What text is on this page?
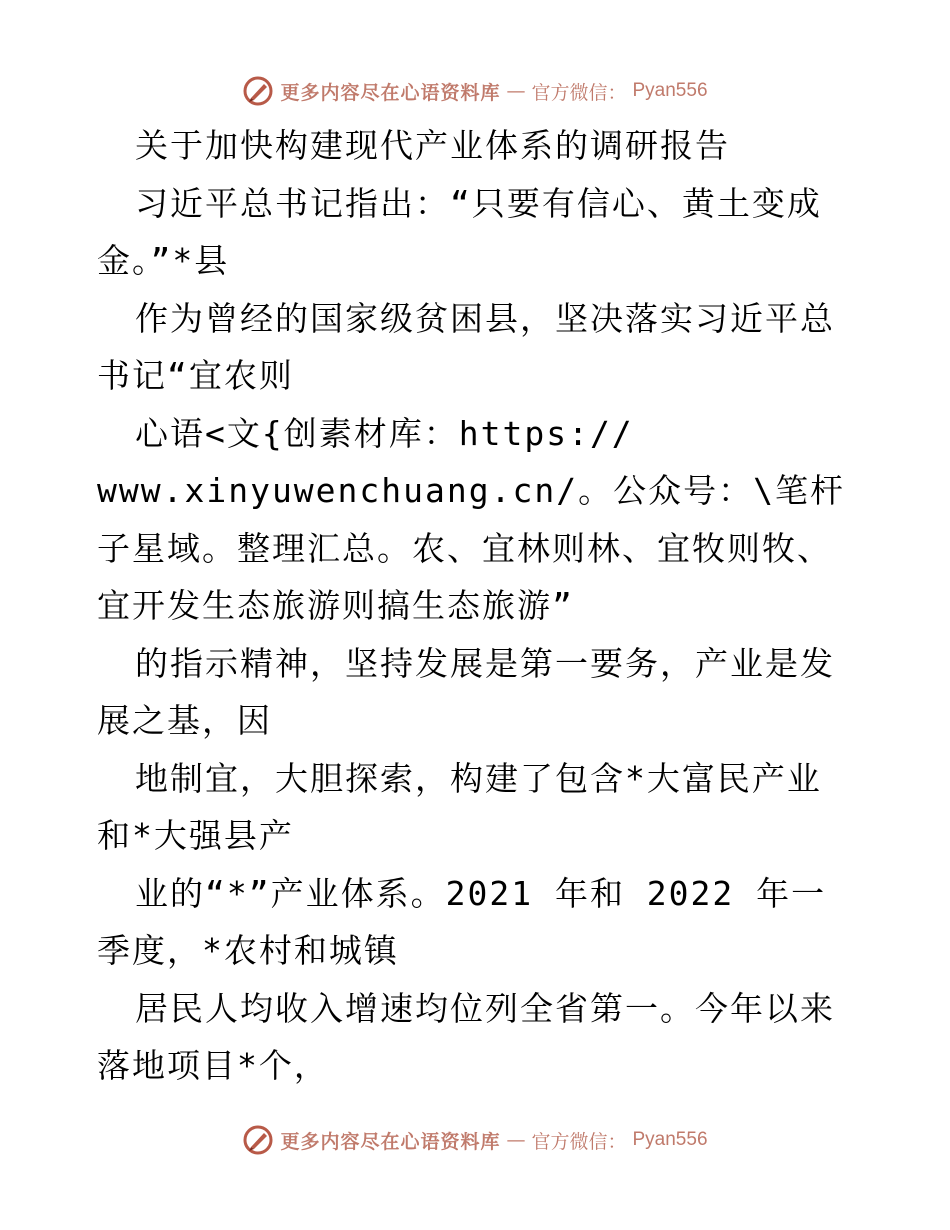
更多内容尽在心语资料库 — 官方微信： Pyan556

关于加快构建现代产业体系的调研报告

习近平总书记指出：“只要有信心、黄土变成金。”*县

作为曾经的国家级贫困县，坚决落实习近平总书记“宜农则

心语<文{创素材库：https://

www.xinyuwenchuang.cn/。公众号：\笔杆子星域。整理汇总。农、宜林则林、宜牧则牧、宜开发生态旅游则搞生态旅游”

的指示精神，坚持发展是第一要务，产业是发展之基，因

地制宜，大胆探索，构建了包含*大富民产业和*大强县产

业的“*”产业体系。2021 年和 2022 年一季度，*农村和城镇

居民人均收入增速均位列全省第一。今年以来落地项目*个，

更多内容尽在心语资料库 — 官方微信： Pyan556
